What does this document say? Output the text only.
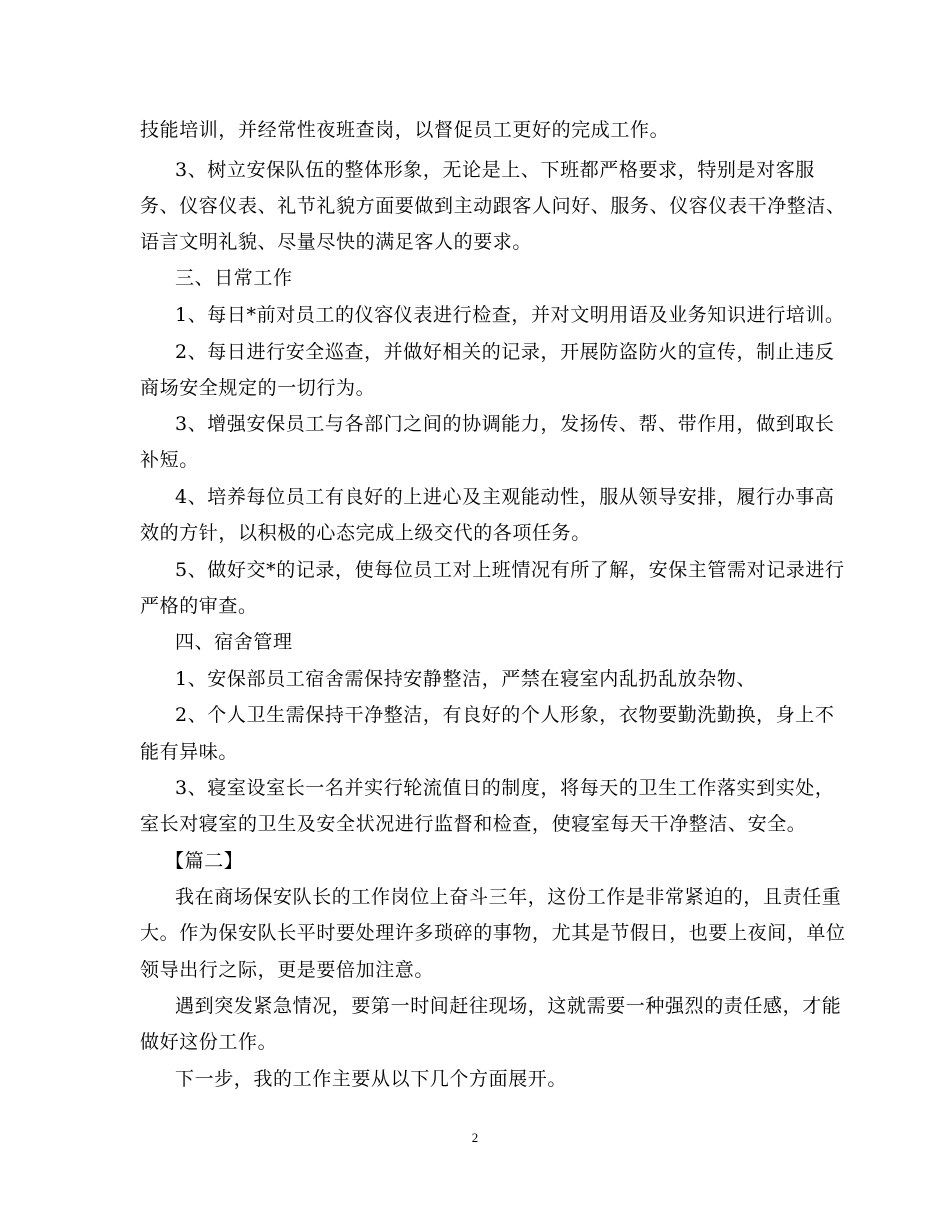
技能培训，并经常性夜班查岗，以督促员工更好的完成工作。
3、树立安保队伍的整体形象，无论是上、下班都严格要求，特别是对客服
务、仪容仪表、礼节礼貌方面要做到主动跟客人问好、服务、仪容仪表干净整洁、
语言文明礼貌、尽量尽快的满足客人的要求。
三、日常工作
1、每日*前对员工的仪容仪表进行检查，并对文明用语及业务知识进行培训。
2、每日进行安全巡查，并做好相关的记录，开展防盗防火的宣传，制止违反
商场安全规定的一切行为。
3、增强安保员工与各部门之间的协调能力，发扬传、帮、带作用，做到取长
补短。
4、培养每位员工有良好的上进心及主观能动性，服从领导安排，履行办事高
效的方针，以积极的心态完成上级交代的各项任务。
5、做好交*的记录，使每位员工对上班情况有所了解，安保主管需对记录进行
严格的审查。
四、宿舍管理
1、安保部员工宿舍需保持安静整洁，严禁在寝室内乱扔乱放杂物、
2、个人卫生需保持干净整洁，有良好的个人形象，衣物要勤洗勤换，身上不
能有异味。
3、寝室设室长一名并实行轮流值日的制度，将每天的卫生工作落实到实处，
室长对寝室的卫生及安全状况进行监督和检查，使寝室每天干净整洁、安全。
【篇二】
我在商场保安队长的工作岗位上奋斗三年，这份工作是非常紧迫的，且责任重
大。作为保安队长平时要处理许多琐碎的事物，尤其是节假日，也要上夜间，单位
领导出行之际，更是要倍加注意。
遇到突发紧急情况，要第一时间赶往现场，这就需要一种强烈的责任感，才能
做好这份工作。
下一步，我的工作主要从以下几个方面展开。
2
